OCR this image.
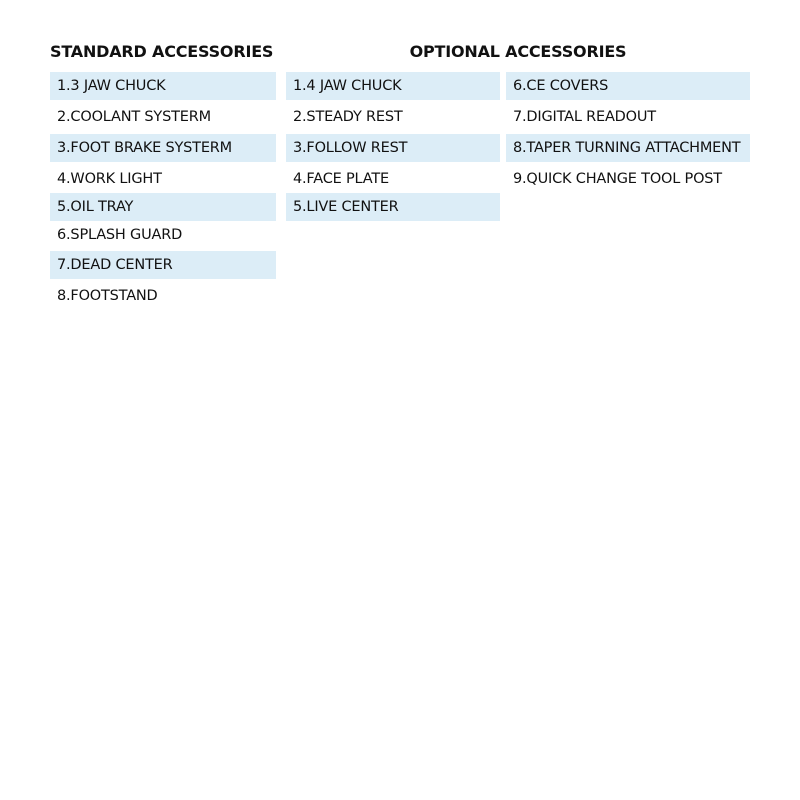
STANDARD ACCESSORIES	OPTIONAL ACCESSORIES
1.3 JAW CHUCK
2.COOLANT SYSTERM
3.FOOT BRAKE SYSTERM
4.WORK LIGHT
5.OIL TRAY
6.SPLASH GUARD
7.DEAD CENTER
8.FOOTSTAND
1.4 JAW CHUCK
2.STEADY REST
3.FOLLOW REST
4.FACE PLATE
5.LIVE CENTER
6.CE COVERS
7.DIGITAL READOUT
8.TAPER TURNING ATTACHMENT
9.QUICK CHANGE TOOL POST
